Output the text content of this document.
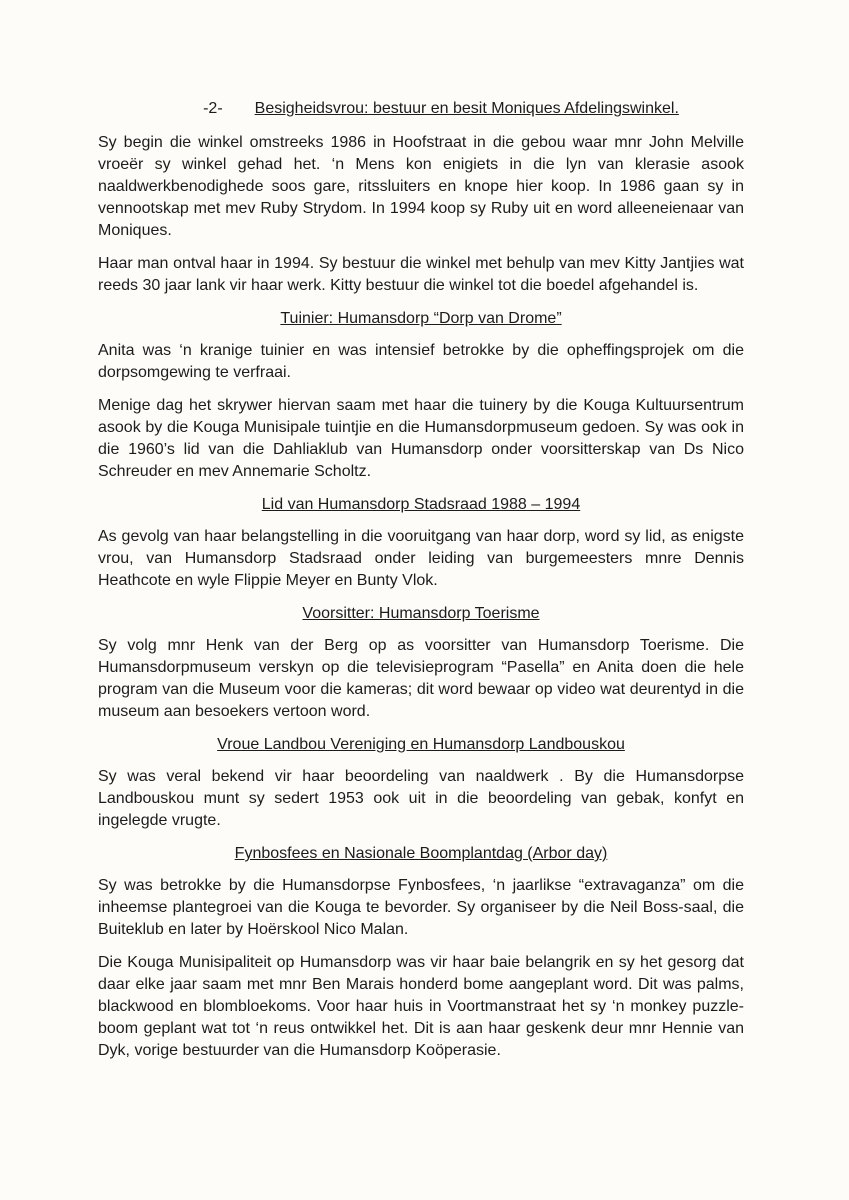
-2- Besigheidsvrou: bestuur en besit Moniques Afdelingswinkel.

Sy begin die winkel omstreeks 1986 in Hoofstraat in die gebou waar mnr John Melville vroeër sy winkel gehad het. ‘n Mens kon enigiets in die lyn van klerasie asook naaldwerkbenodighede soos gare, ritssluiters en knope hier koop. In 1986 gaan sy in vennootskap met mev Ruby Strydom. In 1994 koop sy Ruby uit en word alleeneienaar van Moniques.

Haar man ontval haar in 1994. Sy bestuur die winkel met behulp van mev Kitty Jantjies wat reeds 30 jaar lank vir haar werk. Kitty bestuur die winkel tot die boedel afgehandel is.

Tuinier: Humansdorp “Dorp van Drome”

Anita was ‘n kranige tuinier en was intensief betrokke by die opheffingsprojek om die dorpsomgewing te verfraai.

Menige dag het skrywer hiervan saam met haar die tuinery by die Kouga Kultuursentrum asook by die Kouga Munisipale tuintjie en die Humansdorpmuseum gedoen. Sy was ook in die 1960’s lid van die Dahliaklub van Humansdorp onder voorsitterskap van Ds Nico Schreuder en mev Annemarie Scholtz.

Lid van Humansdorp Stadsraad 1988 – 1994

As gevolg van haar belangstelling in die vooruitgang van haar dorp, word sy lid, as enigste vrou, van Humansdorp Stadsraad onder leiding van burgemeesters mnre Dennis Heathcote en wyle Flippie Meyer en Bunty Vlok.

Voorsitter: Humansdorp Toerisme

Sy volg mnr Henk van der Berg op as voorsitter van Humansdorp Toerisme. Die Humansdorpmuseum verskyn op die televisieprogram “Pasella” en Anita doen die hele program van die Museum voor die kameras; dit word bewaar op video wat deurentyd in die museum aan besoekers vertoon word.

Vroue Landbou Vereniging en Humansdorp Landbouskou

Sy was veral bekend vir haar beoordeling van naaldwerk . By die Humansdorpse Landbouskou munt sy sedert 1953 ook uit in die beoordeling van gebak, konfyt en ingelegde vrugte.

Fynbosfees en Nasionale Boomplantdag (Arbor day)

Sy was betrokke by die Humansdorpse Fynbosfees, ‘n jaarlikse “extravaganza” om die inheemse plantegroei van die Kouga te bevorder. Sy organiseer by die Neil Boss-saal, die Buiteklub en later by Hoërskool Nico Malan.

Die Kouga Munisipaliteit op Humansdorp was vir haar baie belangrik en sy het gesorg dat daar elke jaar saam met mnr Ben Marais honderd bome aangeplant word. Dit was palms, blackwood en blombloekoms. Voor haar huis in Voortmanstraat het sy ‘n monkey puzzle-boom geplant wat tot ‘n reus ontwikkel het. Dit is aan haar geskenk deur mnr Hennie van Dyk, vorige bestuurder van die Humansdorp Koöperasie.
